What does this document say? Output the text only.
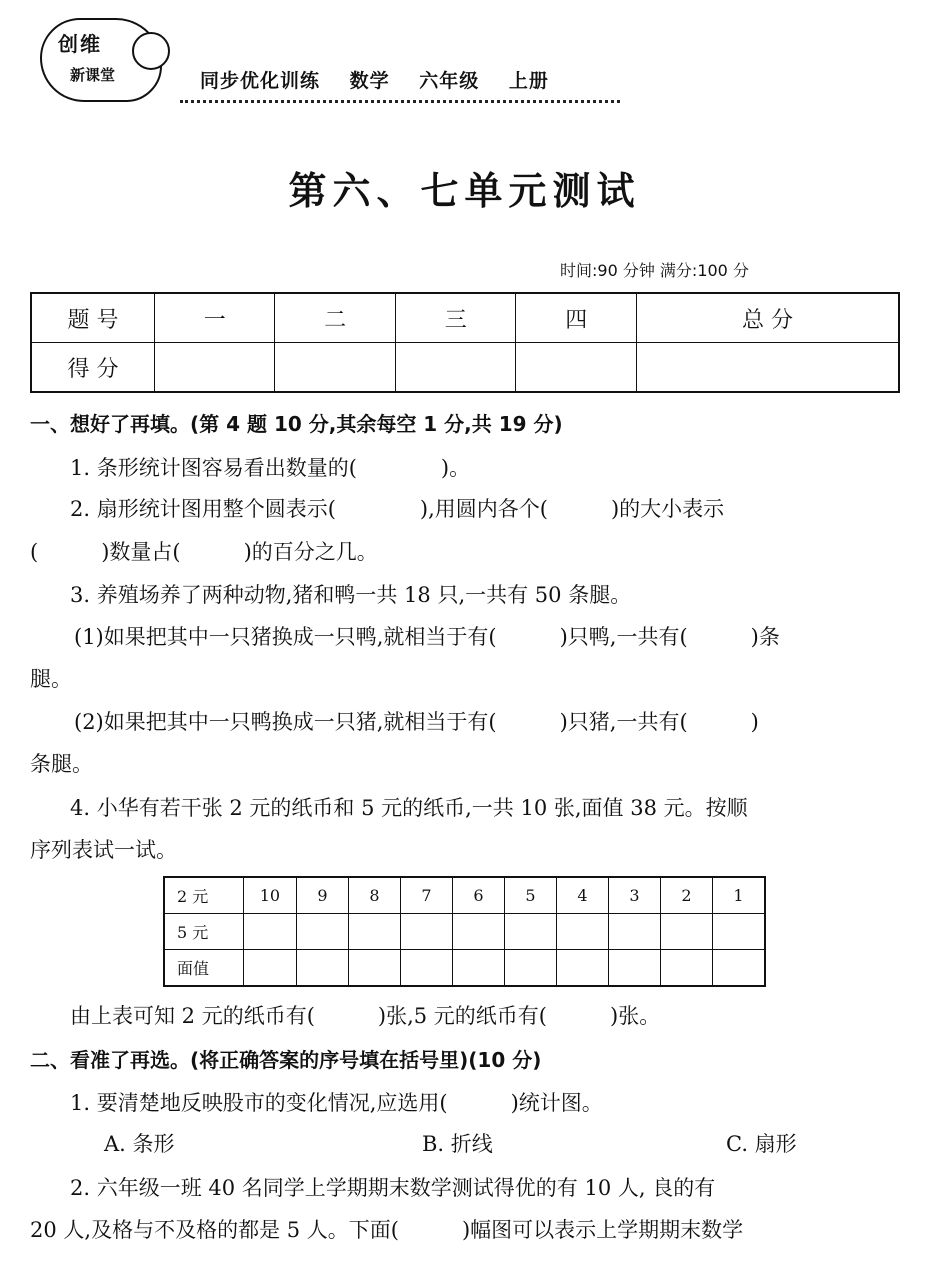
创维
新课堂	同步优化训练 数学 六年级 上册
第六、七单元测试
时间:90 分钟 满分:100 分
题 号	一	二	三	四	总 分
得 分					
一、想好了再填。(第 4 题 10 分,其余每空 1 分,共 19 分)
1. 条形统计图容易看出数量的(　　　　)。
2. 扇形统计图用整个圆表示(　　　　),用圆内各个(　　　)的大小表示
(　　　)数量占(　　　)的百分之几。
3. 养殖场养了两种动物,猪和鸭一共 18 只,一共有 50 条腿。
(1)如果把其中一只猪换成一只鸭,就相当于有(　　　)只鸭,一共有(　　　)条
腿。
(2)如果把其中一只鸭换成一只猪,就相当于有(　　　)只猪,一共有(　　　)
条腿。
4. 小华有若干张 2 元的纸币和 5 元的纸币,一共 10 张,面值 38 元。按顺
序列表试一试。
2 元	10	9	8	7	6	5	4	3	2	1
5 元										
面值										
由上表可知 2 元的纸币有(　　　)张,5 元的纸币有(　　　)张。
二、看准了再选。(将正确答案的序号填在括号里)(10 分)
1. 要清楚地反映股市的变化情况,应选用(　　　)统计图。
A. 条形	B. 折线	C. 扇形
2. 六年级一班 40 名同学上学期期末数学测试得优的有 10 人, 良的有
20 人,及格与不及格的都是 5 人。下面(　　　)幅图可以表示上学期期末数学
